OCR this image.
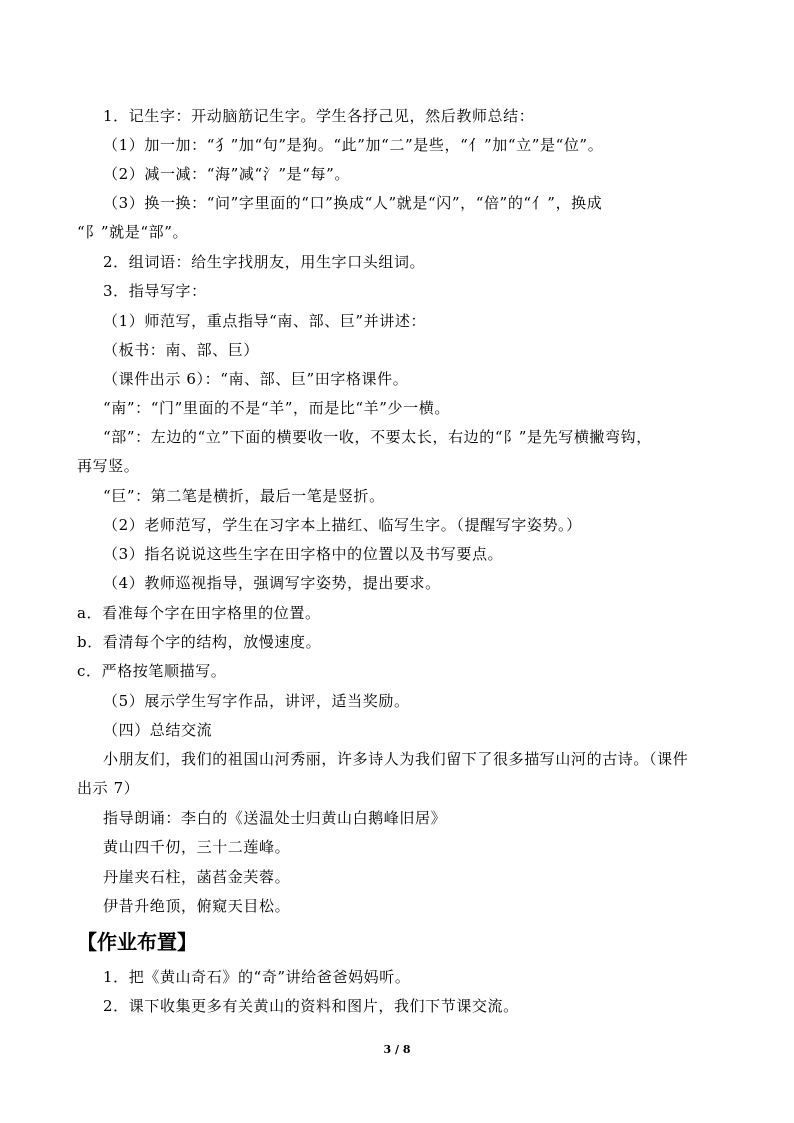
1．记生字：开动脑筋记生字。学生各抒己见，然后教师总结：
（1）加一加：“犭”加“句”是狗。“此”加“二”是些，“亻”加“立”是“位”。
（2）减一减：“海”减“氵”是“每”。
（3）换一换：“问”字里面的“口”换成“人”就是“闪”，“倍”的“亻”，换成
“阝”就是“部”。
2．组词语：给生字找朋友，用生字口头组词。
3．指导写字：
（1）师范写，重点指导“南、部、巨”并讲述：
（板书：南、部、巨）
（课件出示 6）：“南、部、巨”田字格课件。
“南”：“门”里面的不是“羊”，而是比“羊”少一横。
“部”：左边的“立”下面的横要收一收，不要太长，右边的“阝”是先写横撇弯钩，
再写竖。
“巨”：第二笔是横折，最后一笔是竖折。
（2）老师范写，学生在习字本上描红、临写生字。（提醒写字姿势。）
（3）指名说说这些生字在田字格中的位置以及书写要点。
（4）教师巡视指导，强调写字姿势，提出要求。
a．看准每个字在田字格里的位置。
b．看清每个字的结构，放慢速度。
c．严格按笔顺描写。
（5）展示学生写字作品，讲评，适当奖励。
（四）总结交流
小朋友们，我们的祖国山河秀丽，许多诗人为我们留下了很多描写山河的古诗。（课件
出示 7）
指导朗诵：李白的《送温处士归黄山白鹅峰旧居》
黄山四千仞，三十二莲峰。
丹崖夹石柱，菡萏金芙蓉。
伊昔升绝顶，俯窥天目松。
【作业布置】
1．把《黄山奇石》的“奇”讲给爸爸妈妈听。
2．课下收集更多有关黄山的资料和图片，我们下节课交流。
3 / 8
